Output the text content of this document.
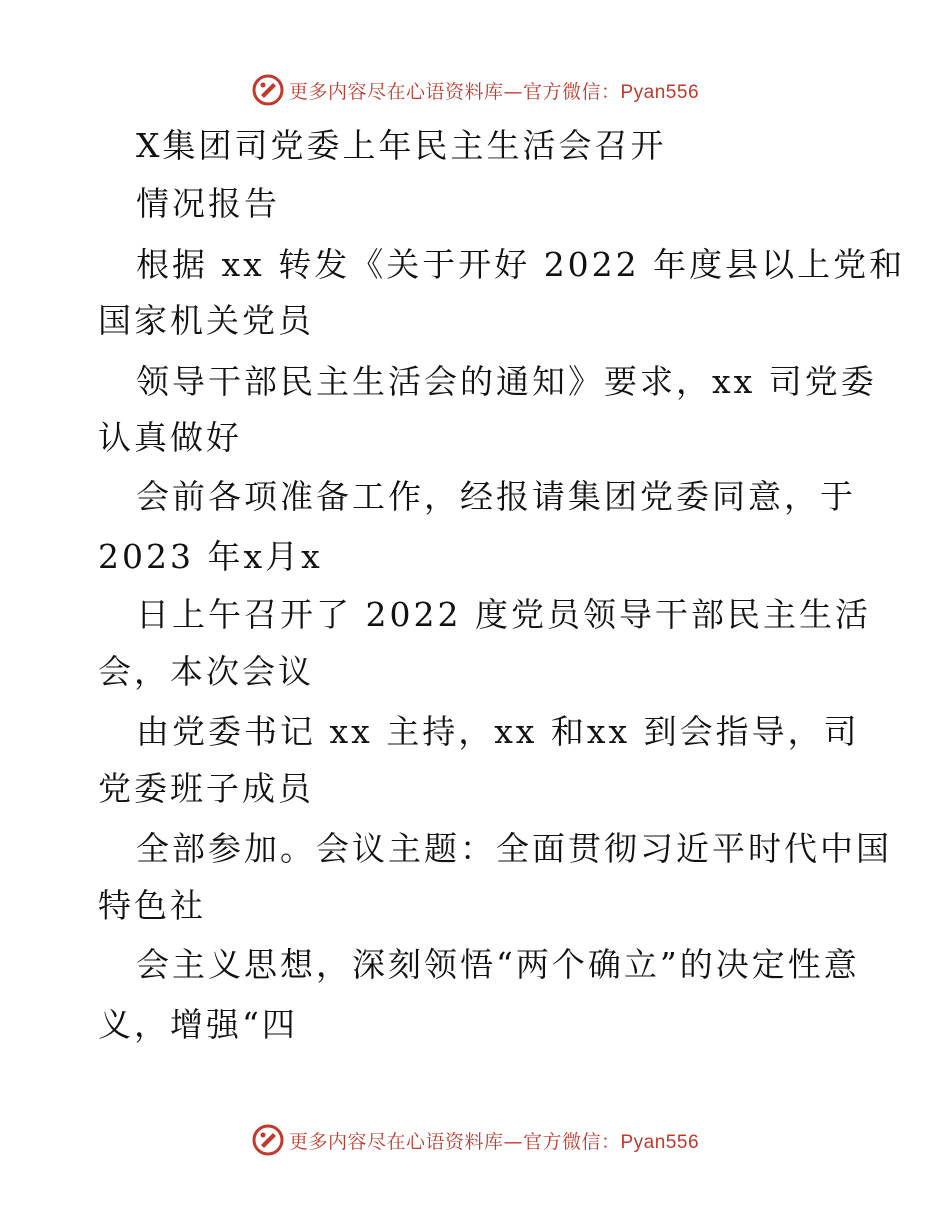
更多内容尽在心语资料库—官方微信：Pyan556
X集团司党委上年民主生活会召开
情况报告
根据 xx 转发《关于开好 2022 年度县以上党和
国家机关党员
领导干部民主生活会的通知》要求，xx 司党委
认真做好
会前各项准备工作，经报请集团党委同意，于
2023 年x月x
日上午召开了 2022 度党员领导干部民主生活
会，本次会议
由党委书记 xx 主持，xx 和xx 到会指导，司
党委班子成员
全部参加。会议主题：全面贯彻习近平时代中国
特色社
会主义思想，深刻领悟“两个确立”的决定性意
义，增强“四
更多内容尽在心语资料库—官方微信：Pyan556
